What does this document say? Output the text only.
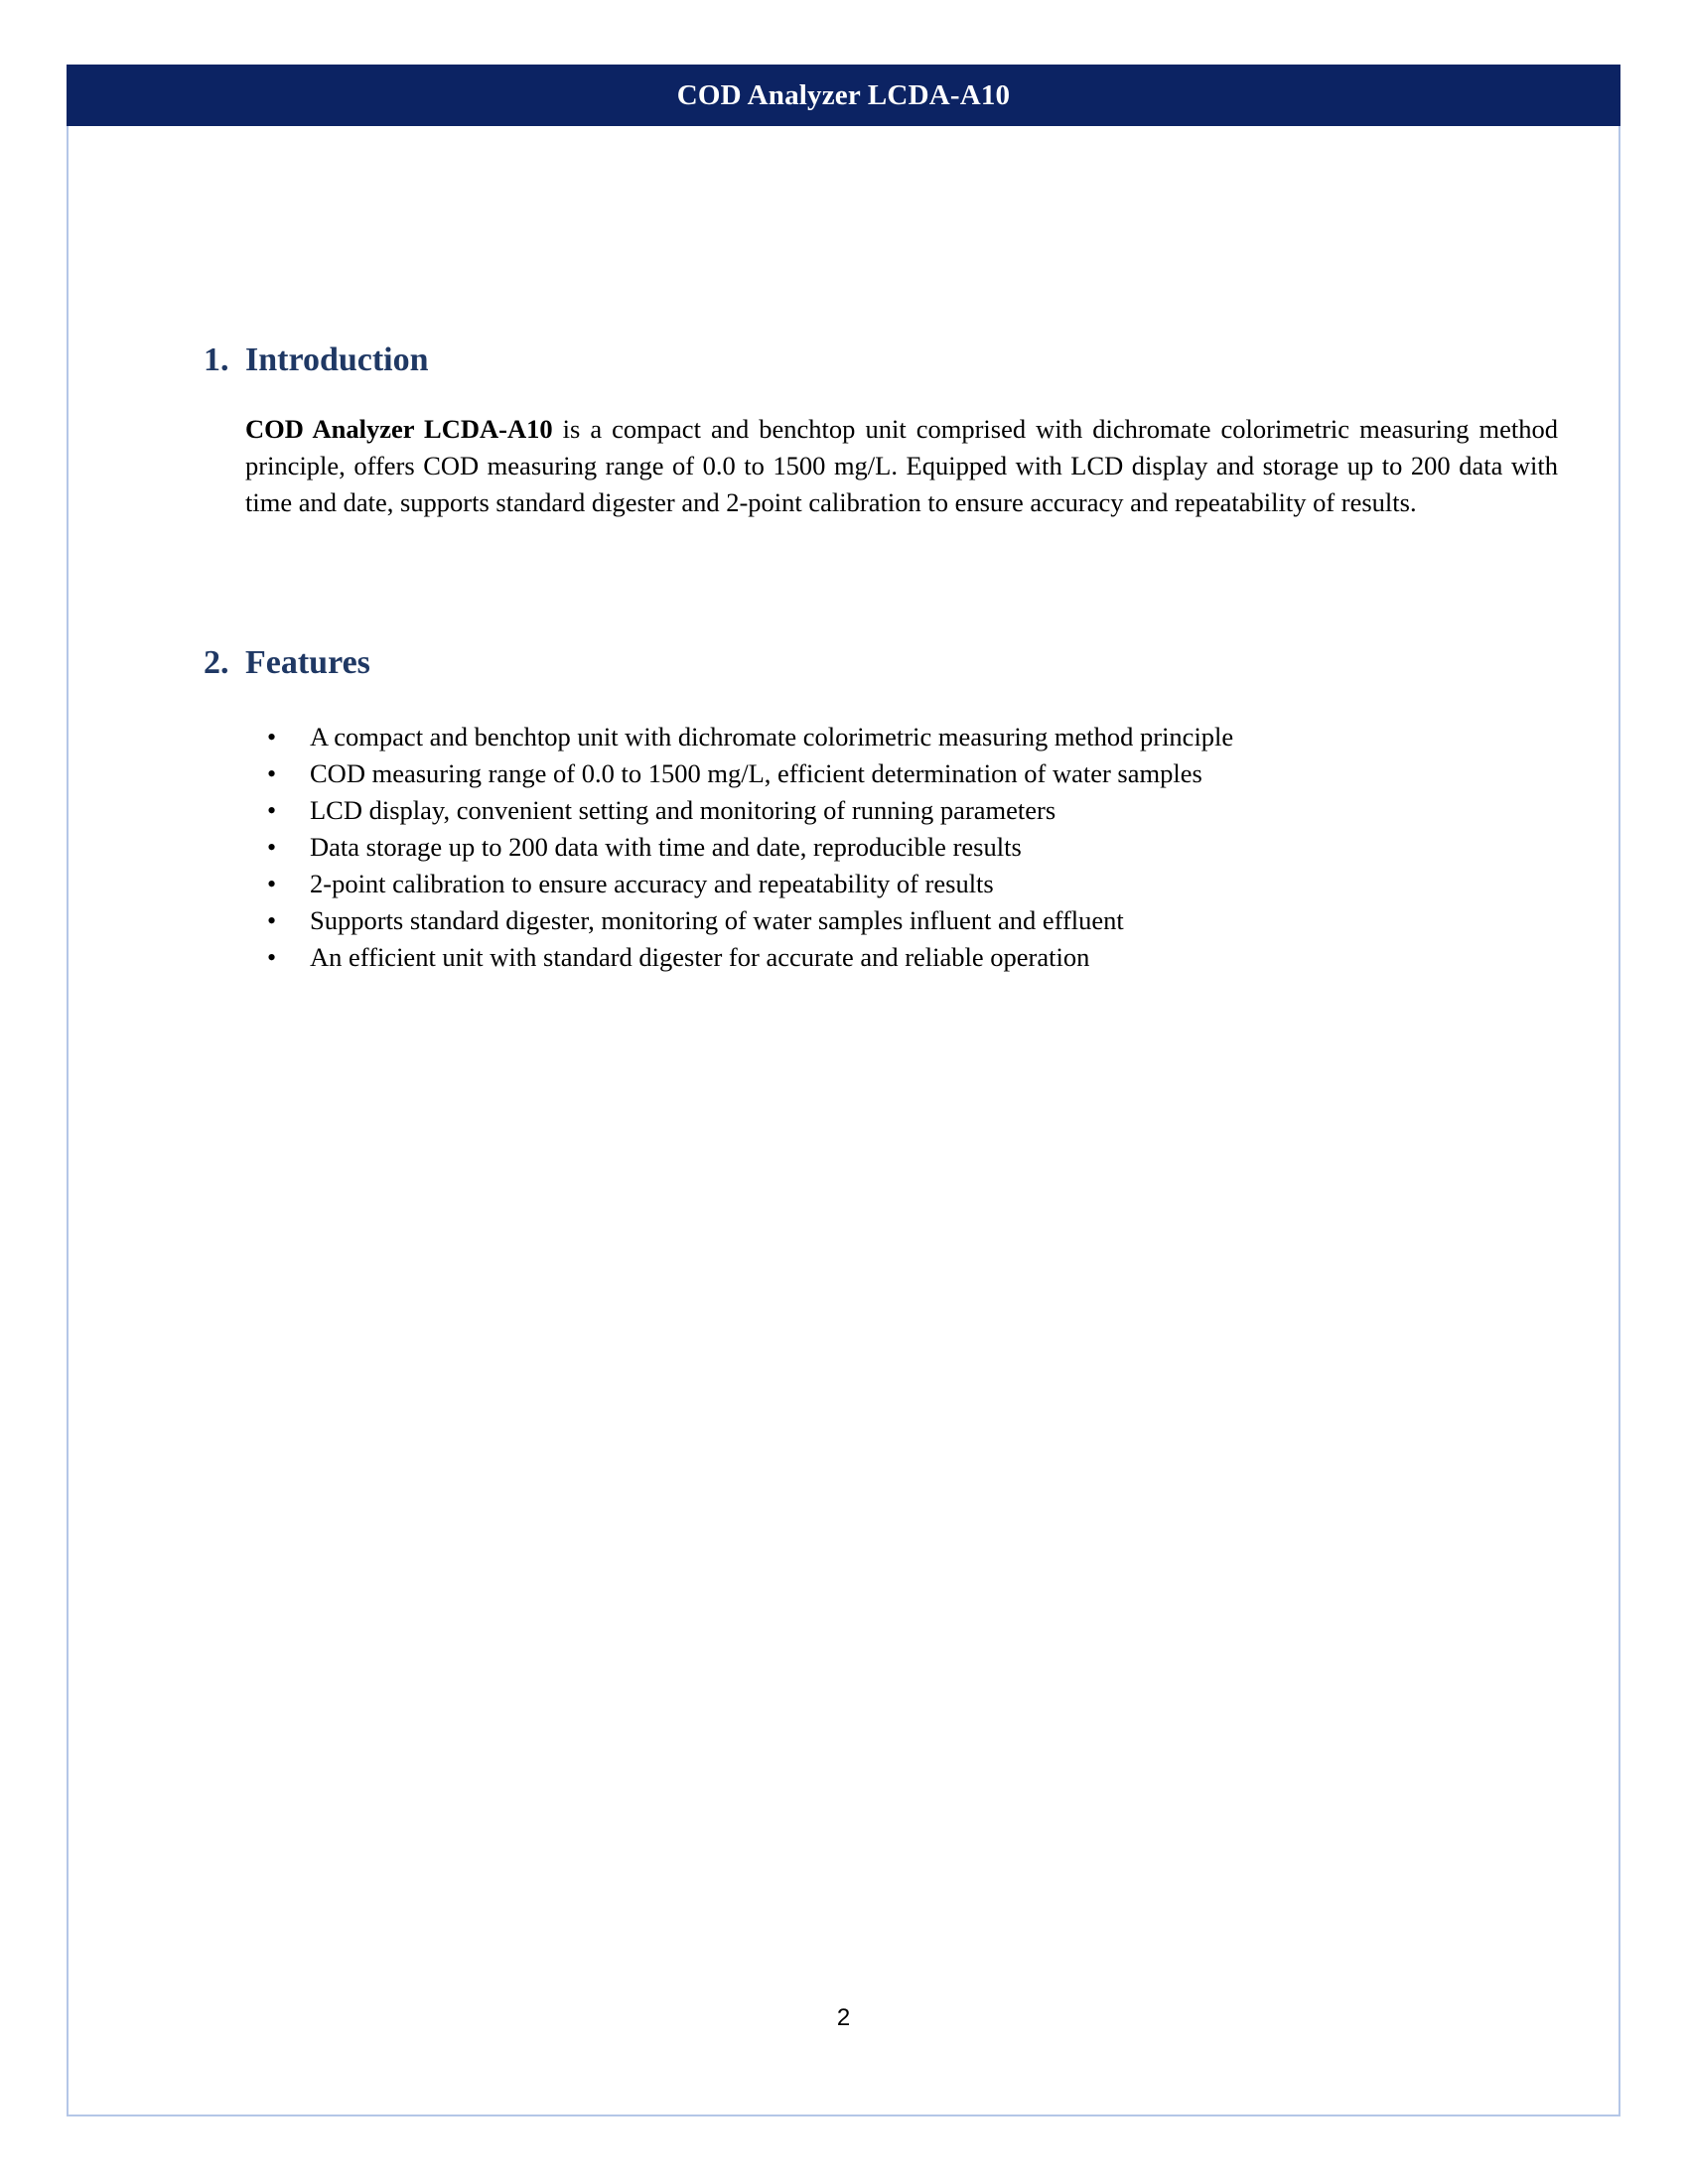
COD Analyzer LCDA-A10
1. Introduction
COD Analyzer LCDA-A10 is a compact and benchtop unit comprised with dichromate colorimetric measuring method principle, offers COD measuring range of 0.0 to 1500 mg/L. Equipped with LCD display and storage up to 200 data with time and date, supports standard digester and 2-point calibration to ensure accuracy and repeatability of results.
2. Features
• A compact and benchtop unit with dichromate colorimetric measuring method principle
• COD measuring range of 0.0 to 1500 mg/L, efficient determination of water samples
• LCD display, convenient setting and monitoring of running parameters
• Data storage up to 200 data with time and date, reproducible results
• 2-point calibration to ensure accuracy and repeatability of results
• Supports standard digester, monitoring of water samples influent and effluent
• An efficient unit with standard digester for accurate and reliable operation
2
